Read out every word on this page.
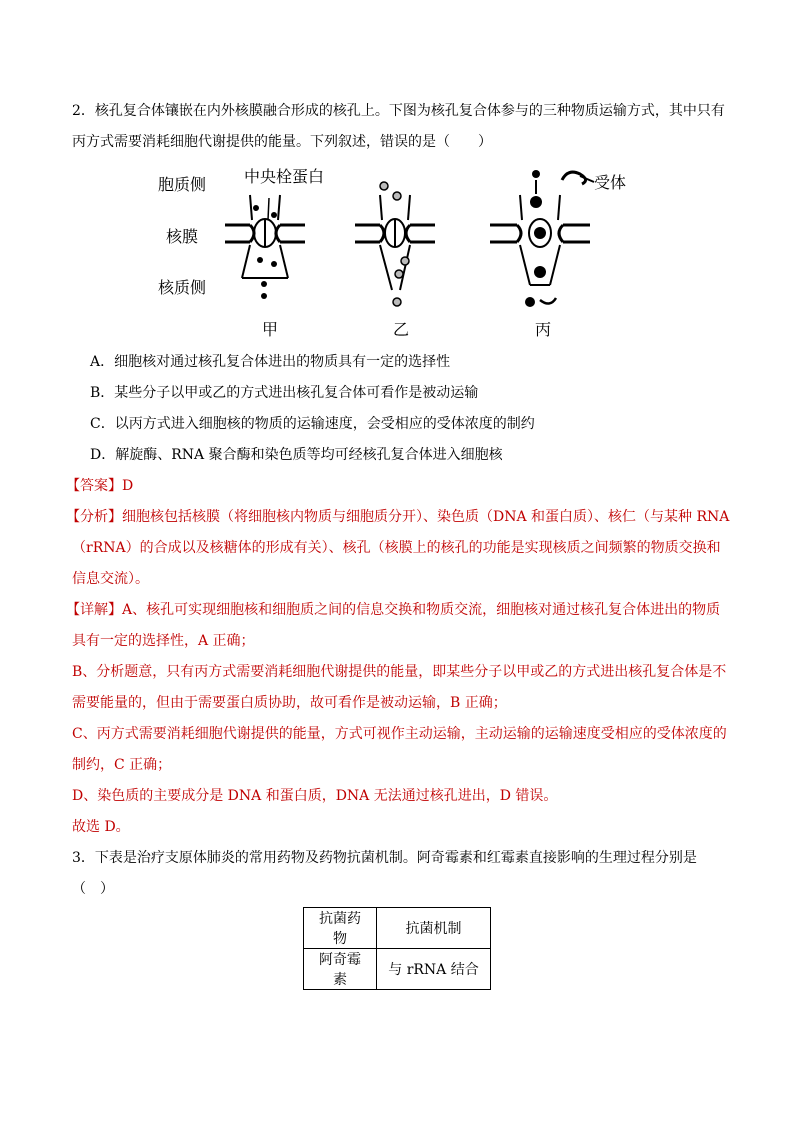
2．核孔复合体镶嵌在内外核膜融合形成的核孔上。下图为核孔复合体参与的三种物质运输方式，其中只有
丙方式需要消耗细胞代谢提供的能量。下列叙述，错误的是（　　）
胞质侧
核膜
核质侧
中央栓蛋白	受体
甲	乙	丙
A．细胞核对通过核孔复合体进出的物质具有一定的选择性
B．某些分子以甲或乙的方式进出核孔复合体可看作是被动运输
C．以丙方式进入细胞核的物质的运输速度，会受相应的受体浓度的制约
D．解旋酶、RNA 聚合酶和染色质等均可经核孔复合体进入细胞核
【答案】D
【分析】细胞核包括核膜（将细胞核内物质与细胞质分开）、染色质（DNA 和蛋白质）、核仁（与某种 RNA
（rRNA）的合成以及核糖体的形成有关）、核孔（核膜上的核孔的功能是实现核质之间频繁的物质交换和
信息交流）。
【详解】A、核孔可实现细胞核和细胞质之间的信息交换和物质交流，细胞核对通过核孔复合体进出的物质
具有一定的选择性，A 正确；
B、分析题意，只有丙方式需要消耗细胞代谢提供的能量，即某些分子以甲或乙的方式进出核孔复合体是不
需要能量的，但由于需要蛋白质协助，故可看作是被动运输，B 正确；
C、丙方式需要消耗细胞代谢提供的能量，方式可视作主动运输，主动运输的运输速度受相应的受体浓度的
制约，C 正确；
D、染色质的主要成分是 DNA 和蛋白质，DNA 无法通过核孔进出，D 错误。
故选 D。
3．下表是治疗支原体肺炎的常用药物及药物抗菌机制。阿奇霉素和红霉素直接影响的生理过程分别是
（　）
抗菌药物	抗菌机制
阿奇霉素	与 rRNA 结合
